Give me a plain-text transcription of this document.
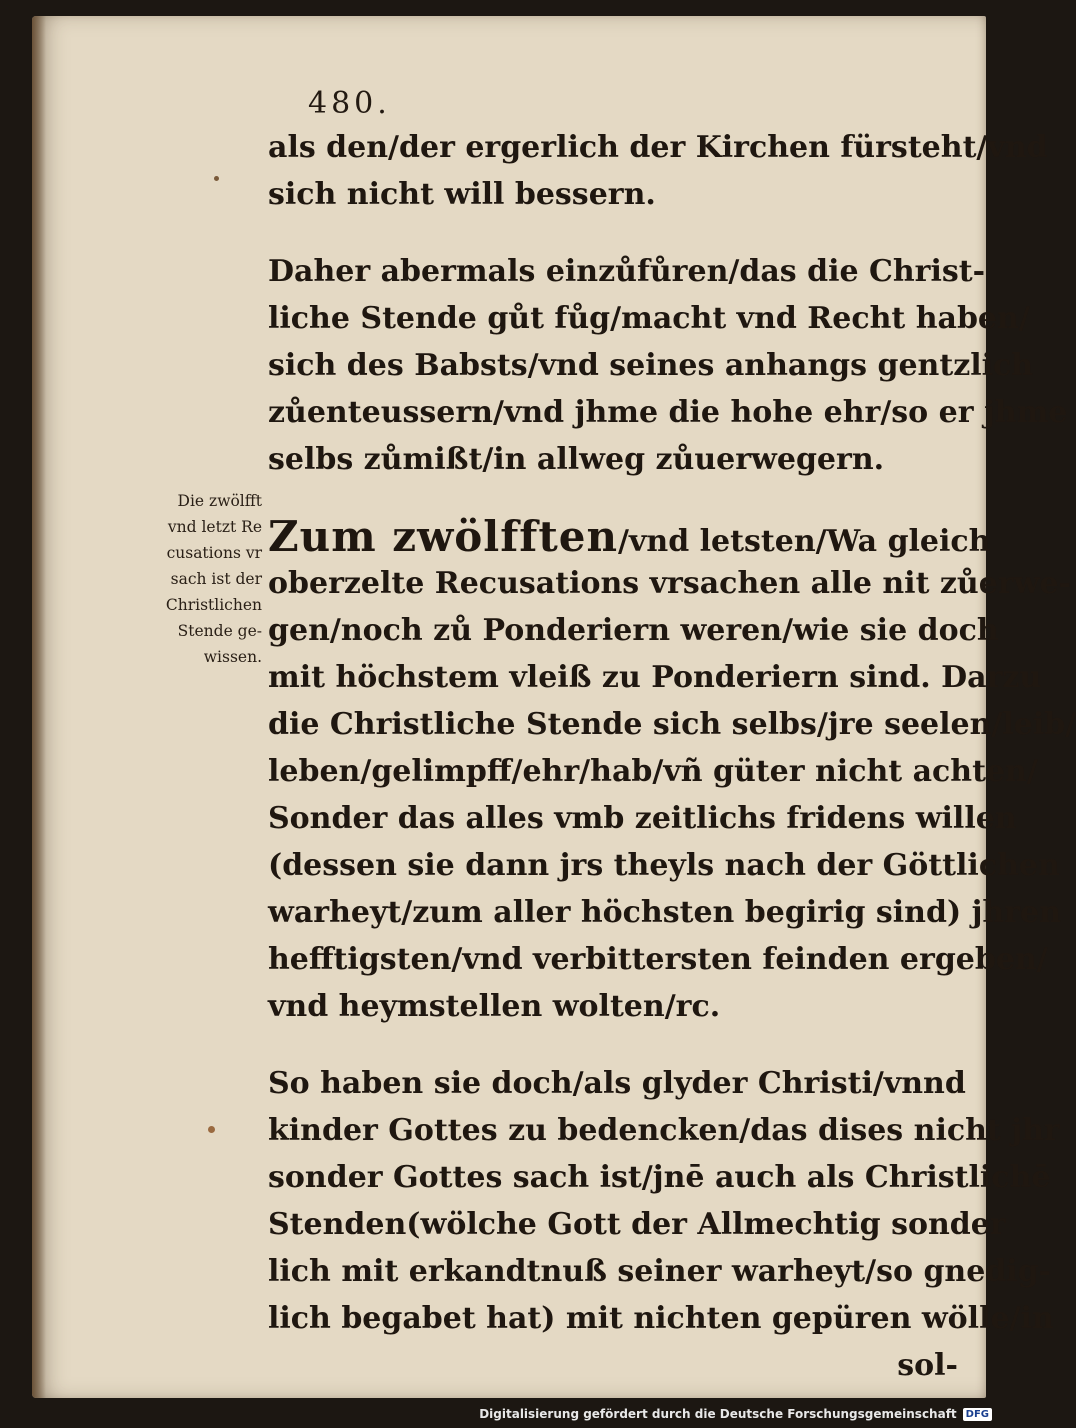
480.
Die zwölfft
vnd letzt Re
cusations vr
sach ist der
Christlichen
Stende ge-
wissen.
als den/der ergerlich der Kirchen fürsteht/vnd
sich nicht will bessern.
Daher abermals einzůfůren/das die Christ-
liche Stende gůt fůg/macht vnd Recht haben/
sich des Babsts/vnd seines anhangs gentzlich
zůenteussern/vnd jhme die hohe ehr/so er jhme
selbs zůmißt/in allweg zůuerwegern.
Zum zwölfften/vnd letsten/Wa gleich
oberzelte Recusations vrsachen alle nit zůerwe-
gen/noch zů Ponderiern weren/wie sie doch
mit höchstem vleiß zu Ponderiern sind. Darzu
die Christliche Stende sich selbs/jre seelen/leib/
leben/gelimpff/ehr/hab/vñ güter nicht achten/
Sonder das alles vmb zeitlichs fridens willen
(dessen sie dann jrs theyls nach der Göttlichen
warheyt/zum aller höchsten begirig sind) jhren
hefftigsten/vnd verbittersten feinden ergeben/
vnd heymstellen wolten/rc.
So haben sie doch/als glyder Christi/vnnd
kinder Gottes zu bedencken/das dises nicht jhr
sonder Gottes sach ist/jnē auch als Christlichē
Stenden(wölche Gott der Allmechtig sonder
lich mit erkandtnuß seiner warheyt/so gnedig-
lich begabet hat) mit nichten gepüren wölle/in
sol-
Digitalisierung gefördert durch die Deutsche Forschungsgemeinschaft DFG
